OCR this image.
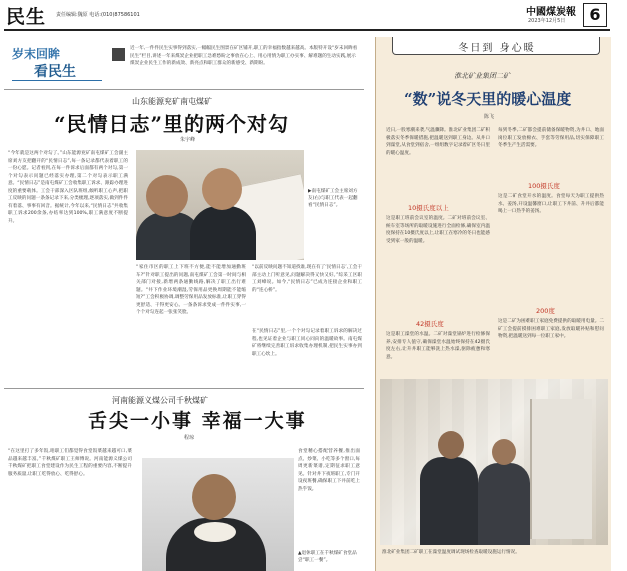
民生 责任编辑:魏原 电话:(010)87586101	中國煤炭報
2023年12月5日	6
岁末回眸
看民生
近一年,一件件民生实事得到落实,一幅幅民生图景在矿区铺开,职工的幸福指数越来越高。本版特开设“岁末回眸看民生”栏目,讲述一年来煤炭企业把职工急难愁盼之事放在心上、用心用情为职工办实事、解难题的生动实践,展示煤炭企业民生工作的新成效、新亮点和职工群众的新感受、新期盼。
山东能源兖矿南屯煤矿
“民情日志”里的两个对勾
朱宇峰
“今年就是这两个对勾了。”山东能源兖矿南屯煤矿工会副主席刘方友把翻开的“民情日志”,每一条记录都代表着职工的一份心愿。记者看到,在每一件诉求后面都有两个对勾,第一个对勾表示问题已经落实办理,第二个对勾表示职工满意。“民情日志”是南屯煤矿工会收集职工诉求、跟踪办理进度的重要载体。工会干部深入区队班组,倾听职工心声,把职工反映的问题一条条记录下来,分类梳理,逐项落实,做到件件有着落、事事有回音。据统计,今年以来,“民情日志”共收集职工诉求200余条,办结率达到100%,职工满意度不断提升。
“家住市区的职工上下班不方便,能不能增加通勤班车?”针对职工提出的问题,南屯煤矿工会第一时间与相关部门对接,新增两条通勤线路,解决了职工出行难题。“井下作业环境潮湿,劳保用品更换周期能不能缩短?”工会积极协调,调整劳保用品发放标准,让职工穿得更舒适、干得更安心。一条条诉求变成一件件实事,一个个对勾连起一张张笑脸。
“以前反映问题不知道找谁,现在有了‘民情日志’,工会干部主动上门听意见,问题解决得又快又好。”综采工区职工刘峰说。如今,“民情日志”已成为连接企业和职工的“连心桥”。
在“民情日志”里,一个个对勾记录着职工诉求的解决过程,也见证着企业与职工同心同向的温暖故事。南屯煤矿将继续完善职工诉求收集办理机制,把民生实事办到职工心坎上。
▶南屯煤矿工会主席刘方友(右)与职工代表一起翻看“民情日志”。
河南能源义煤公司千秋煤矿
舌尖一小事 幸福一大事
程琼
“在这里打了多年饭,咱职工们都觉得食堂饭菜越来越可口,菜品越来越丰富。”千秋煤矿职工王师傅说。河南能源义煤公司千秋煤矿把职工食堂建设作为民生工程的重要内容,不断提升服务质量,让职工吃得放心、吃得舒心。
食堂精心搭配营养餐,推出面点、炒菜、小吃等多个窗口,每周更新菜谱,定期征求职工意见。针对井下夜班职工,专门开设夜班餐,确保职工下井前吃上热乎饭。
▲退休职工在千秋煤矿食堂品尝“职工一餐”。
冬日到 身心暖
淮北矿业集团二矿
“数”说冬天里的暖心温度
陈飞
近日,一股寒潮来袭,气温骤降。淮北矿业集团二矿积极落实冬季保暖措施,把温暖送到职工身边。从井口到澡堂,从食堂到宿舍,一组组数字记录着矿区冬日里的暖心温度。
10摄氏度以上
这是职工班前会议室的温度。二矿对班前会议室、候车室等场所的取暖设施进行全面检修,确保室内温度保持在10摄氏度以上,让职工在寒冷的冬日也能感受到家一般的温暖。
42摄氏度
这是职工澡堂的水温。二矿对澡堂锅炉进行检修保养,安排专人值守,确保澡堂水温始终保持在42摄氏度左右,让升井职工能够洗上热水澡,驱除疲惫和寒意。
每到冬季,二矿都会提前储备保暖物资,为井口、地面岗位职工发放棉衣、手套等劳保用品,切实保障职工冬季生产生活需要。
100摄氏度
这是二矿食堂开水的温度。食堂每天为职工提供热水、姜汤,开设温馨窗口,让职工下井前、升井后都能喝上一口热乎的姜汤。
200度
这是二矿为困难职工家庭免费提供的取暖用电量。二矿工会提前摸排困难职工家庭,发放取暖补贴和慰问物资,把温暖送到每一位职工家中。
淮北矿业集团二矿职工在澡堂温度调试现场检查取暖设施运行情况。
